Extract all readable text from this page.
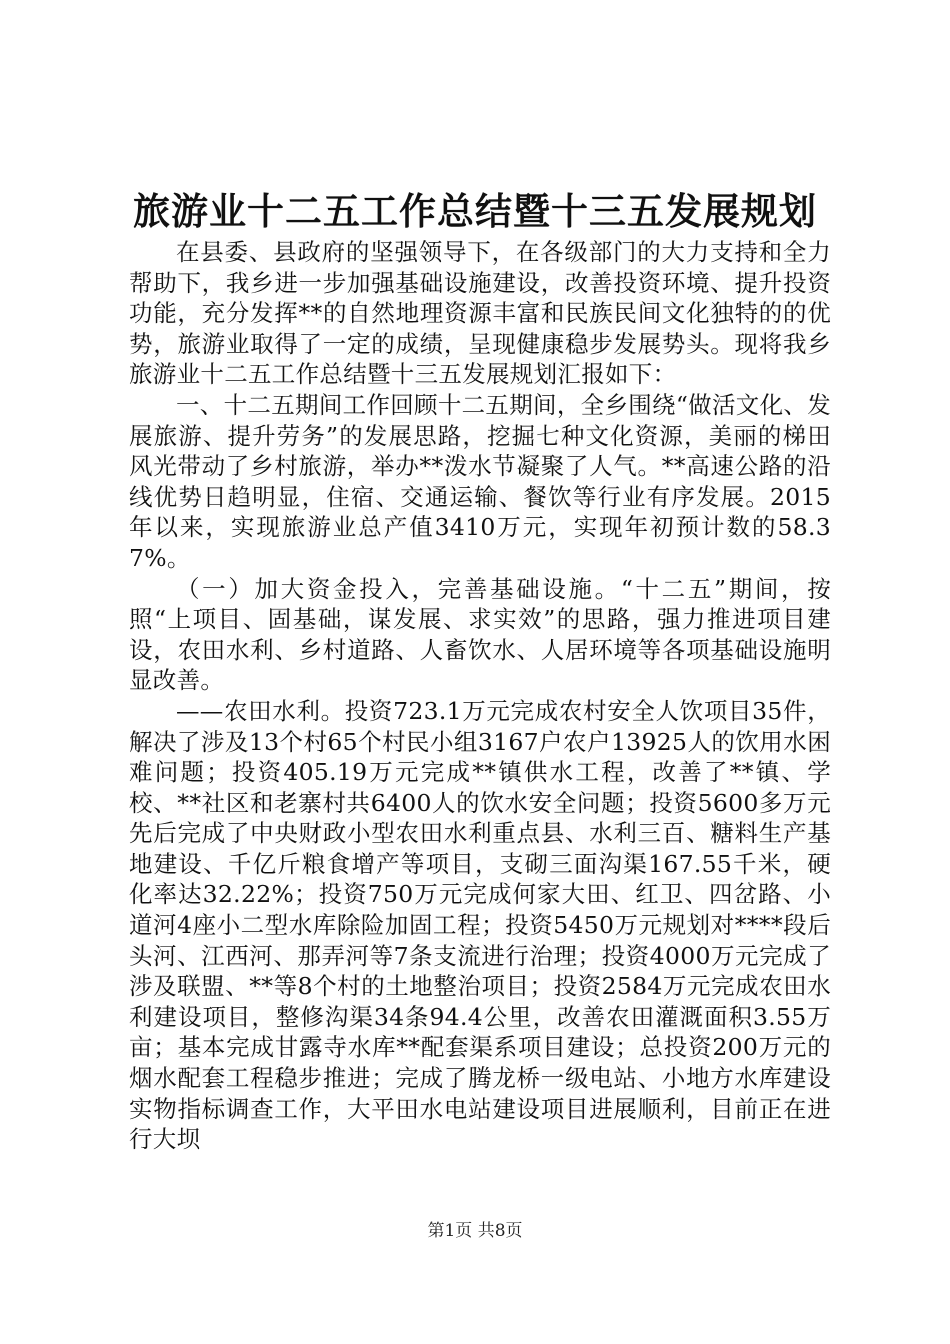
旅游业十二五工作总结暨十三五发展规划

在县委、县政府的坚强领导下，在各级部门的大力支持和全力帮助下，我乡进一步加强基础设施建设，改善投资环境、提升投资功能，充分发挥**的自然地理资源丰富和民族民间文化独特的的优势，旅游业取得了一定的成绩，呈现健康稳步发展势头。现将我乡旅游业十二五工作总结暨十三五发展规划汇报如下：

一、十二五期间工作回顾十二五期间，全乡围绕“做活文化、发展旅游、提升劳务”的发展思路，挖掘七种文化资源，美丽的梯田风光带动了乡村旅游，举办**泼水节凝聚了人气。**高速公路的沿线优势日趋明显，住宿、交通运输、餐饮等行业有序发展。2015年以来，实现旅游业总产值3410万元，实现年初预计数的58.37%。

（一）加大资金投入，完善基础设施。“十二五”期间，按照“上项目、固基础，谋发展、求实效”的思路，强力推进项目建设，农田水利、乡村道路、人畜饮水、人居环境等各项基础设施明显改善。

——农田水利。投资723.1万元完成农村安全人饮项目35件，解决了涉及13个村65个村民小组3167户农户13925人的饮用水困难问题；投资405.19万元完成**镇供水工程，改善了**镇、学校、**社区和老寨村共6400人的饮水安全问题；投资5600多万元先后完成了中央财政小型农田水利重点县、水利三百、糖料生产基地建设、千亿斤粮食增产等项目，支砌三面沟渠167.55千米，硬化率达32.22%；投资750万元完成何家大田、红卫、四岔路、小道河4座小二型水库除险加固工程；投资5450万元规划对****段后头河、江西河、那弄河等7条支流进行治理；投资4000万元完成了涉及联盟、**等8个村的土地整治项目；投资2584万元完成农田水利建设项目，整修沟渠34条94.4公里，改善农田灌溉面积3.55万亩；基本完成甘露寺水库**配套渠系项目建设；总投资200万元的烟水配套工程稳步推进；完成了腾龙桥一级电站、小地方水库建设实物指标调查工作，大平田水电站建设项目进展顺利，目前正在进行大坝

第1页 共8页
